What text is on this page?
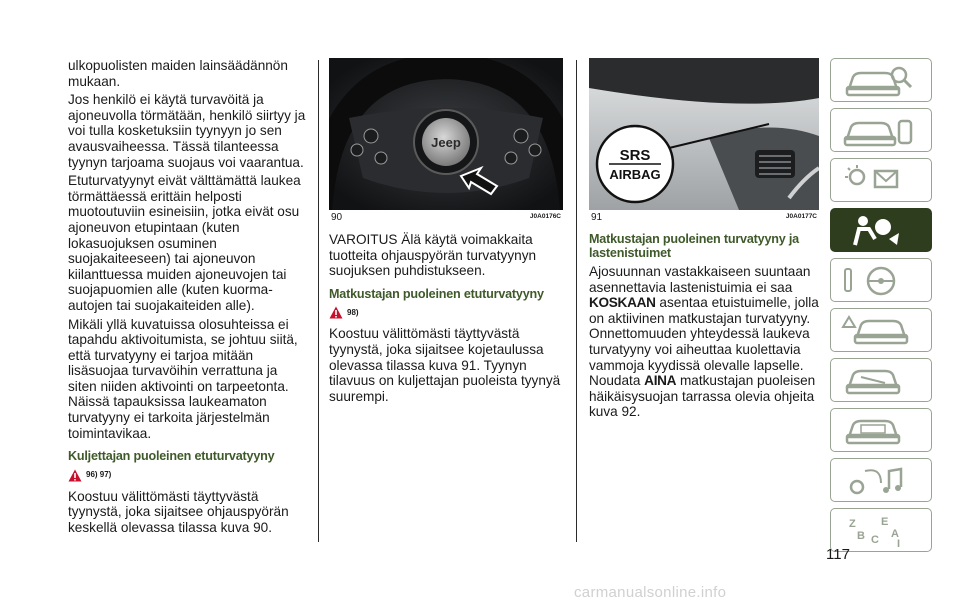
ulkopuolisten maiden lainsäädännön mukaan.

Jos henkilö ei käytä turvavöitä ja ajoneuvolla törmätään, henkilö siirtyy ja voi tulla kosketuksiin tyynyyn jo sen avausvaiheessa. Tässä tilanteessa tyynyn tarjoama suojaus voi vaarantua.

Etuturvatyynyt eivät välttämättä laukea törmättäessä erittäin helposti muotoutuviin esineisiin, jotka eivät osu ajoneuvon etupintaan (kuten lokasuojuksen osuminen suojakaiteeseen) tai ajoneuvon kiilanttuessa muiden ajoneuvojen tai suojapuomien alle (kuten kuorma-autojen tai suojakaiteiden alle).

Mikäli yllä kuvatuissa olosuhteissa ei tapahdu aktivoitumista, se johtuu siitä, että turvatyyny ei tarjoa mitään lisäsuojaa turvavöihin verrattuna ja siten niiden aktivointi on tarpeetonta. Näissä tapauksissa laukeamaton turvatyyny ei tarkoita järjestelmän toimintavikaa.

Kuljettajan puoleinen etuturvatyyny
96) 97)

Koostuu välittömästi täyttyvästä tyynystä, joka sijaitsee ohjauspyörän keskellä olevassa tilassa kuva 90.

Jeep
90	J0A0176C
SRS
AIRBAG
91	J0A0177C

VAROITUS Älä käytä voimakkaita tuotteita ohjauspyörän turvatyynyn suojuksen puhdistukseen.

Matkustajan puoleinen etuturvatyyny
98)

Koostuu välittömästi täyttyvästä tyynystä, joka sijaitsee kojetaulussa olevassa tilassa kuva 91. Tyynyn tilavuus on kuljettajan puoleista tyynyä suurempi.

Matkustajan puoleinen turvatyyny ja lastenistuimet

Ajosuunnan vastakkaiseen suuntaan asennettavia lastenistuimia ei saa KOSKAAN asentaa etuistuimelle, jolla on aktiivinen matkustajan turvatyyny. Onnettomuuden yhteydessä laukeva turvatyyny voi aiheuttaa kuolettavia vammoja kyydissä olevalle lapselle. Noudata AINA matkustajan puoleisen häikäisysuojan tarrassa olevia ohjeita kuva 92.

Z E
B C A
I
117
carmanualsonline.info
